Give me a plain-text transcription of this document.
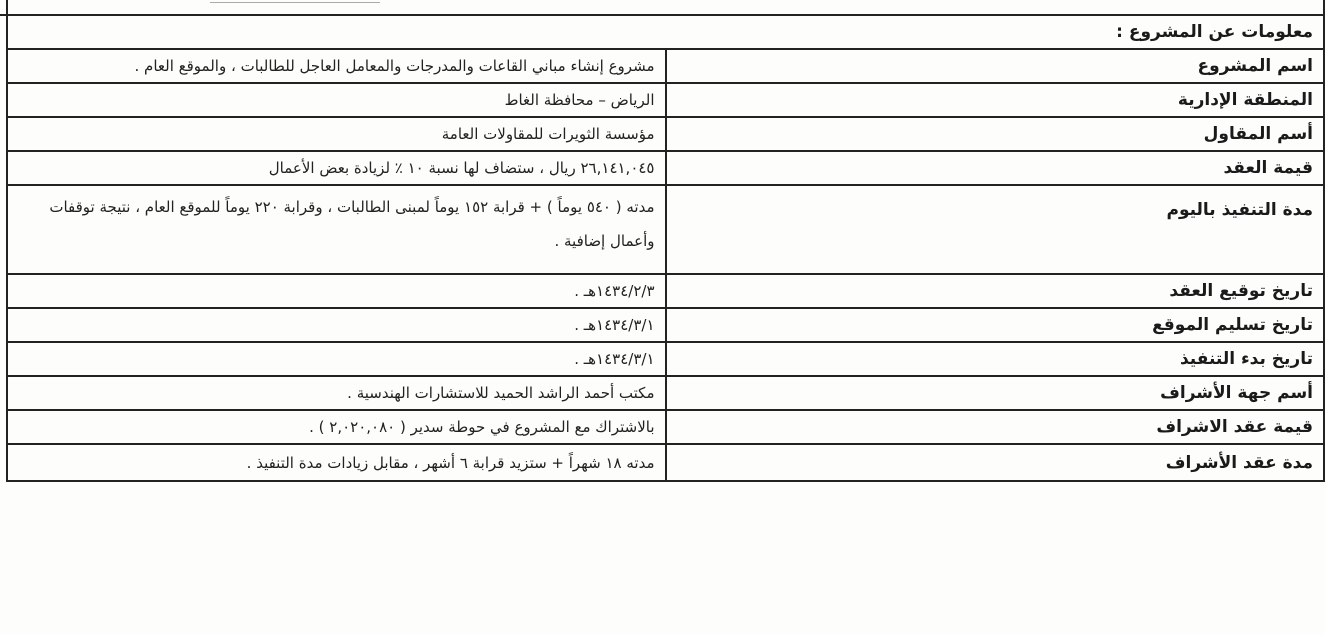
معلومات عن المشروع :	
اسم المشروع	مشروع إنشاء مباني القاعات والمدرجات والمعامل العاجل للطالبات ، والموقع العام .
المنطقة الإدارية	الرياض – محافظة الغاط
أسم المقاول	مؤسسة الثويرات للمقاولات العامة
قيمة العقد	٢٦,١٤١,٠٤٥ ريال ، ستضاف لها نسبة ١٠ ٪ لزيادة بعض الأعمال
مدة التنفيذ باليوم	مدته ( ٥٤٠ يوماً ) + قرابة ١٥٢ يوماً لمبنى الطالبات ، وقرابة ٢٢٠ يوماً للموقع العام ، نتيجة توقفات وأعمال إضافية .
تاريخ توقيع العقد	١٤٣٤/٢/٣هـ .
تاريخ تسليم الموقع	١٤٣٤/٣/١هـ .
تاريخ بدء التنفيذ	١٤٣٤/٣/١هـ .
أسم جهة الأشراف	مكتب أحمد الراشد الحميد للاستشارات الهندسية .
قيمة عقد الاشراف	بالاشتراك مع المشروع في حوطة سدير ( ٢,٠٢٠,٠٨٠ ) .
مدة عقد الأشراف	مدته ١٨ شهراً + ستزيد قرابة ٦ أشهر ، مقابل زيادات مدة التنفيذ .
